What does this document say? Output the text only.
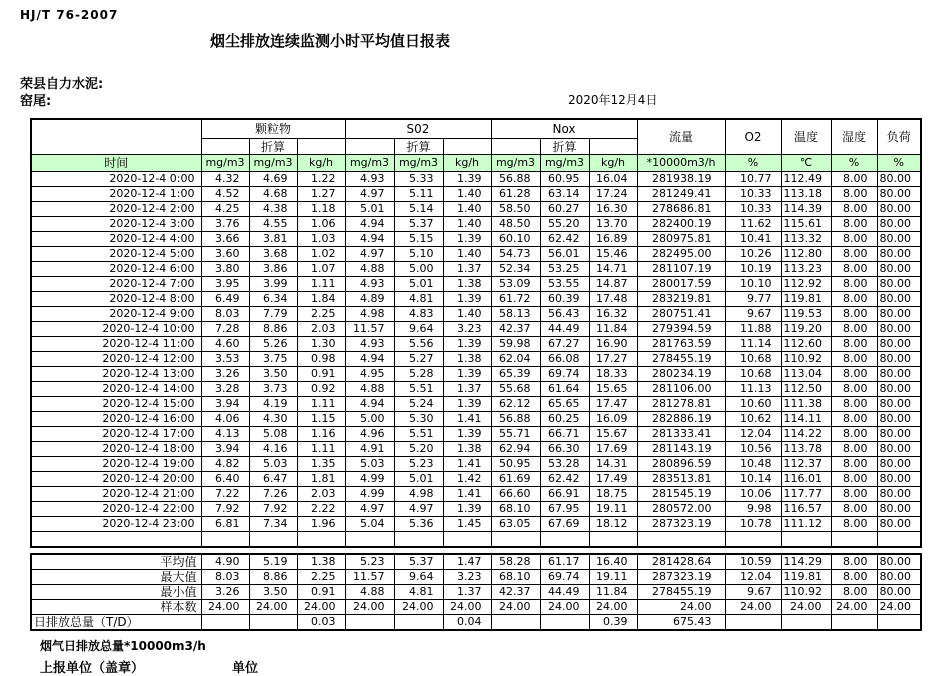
HJ/T 76-2007
烟尘排放连续监测小时平均值日报表
荣县自力水泥:
窑尾:	2020年12月4日
	颗粒物			S02			Nox			流量	O2	温度	湿度	负荷
		折算			折算			折算						
时间	mg/m3	mg/m3	kg/h	mg/m3	mg/m3	kg/h	mg/m3	mg/m3	kg/h	*10000m3/h	%	℃	%	%
2020-12-4 0:00	4.32	4.69	1.22	4.93	5.33	1.39	56.88	60.95	16.04	281938.19	10.77	112.49	8.00	80.00
2020-12-4 1:00	4.52	4.68	1.27	4.97	5.11	1.40	61.28	63.14	17.24	281249.41	10.33	113.18	8.00	80.00
2020-12-4 2:00	4.25	4.38	1.18	5.01	5.14	1.40	58.50	60.27	16.30	278686.81	10.33	114.39	8.00	80.00
2020-12-4 3:00	3.76	4.55	1.06	4.94	5.37	1.40	48.50	55.20	13.70	282400.19	11.62	115.61	8.00	80.00
2020-12-4 4:00	3.66	3.81	1.03	4.94	5.15	1.39	60.10	62.42	16.89	280975.81	10.41	113.32	8.00	80.00
2020-12-4 5:00	3.60	3.68	1.02	4.97	5.10	1.40	54.73	56.01	15.46	282495.00	10.26	112.80	8.00	80.00
2020-12-4 6:00	3.80	3.86	1.07	4.88	5.00	1.37	52.34	53.25	14.71	281107.19	10.19	113.23	8.00	80.00
2020-12-4 7:00	3.95	3.99	1.11	4.93	5.01	1.38	53.09	53.55	14.87	280017.59	10.10	112.92	8.00	80.00
2020-12-4 8:00	6.49	6.34	1.84	4.89	4.81	1.39	61.72	60.39	17.48	283219.81	9.77	119.81	8.00	80.00
2020-12-4 9:00	8.03	7.79	2.25	4.98	4.83	1.40	58.13	56.43	16.32	280751.41	9.67	119.53	8.00	80.00
2020-12-4 10:00	7.28	8.86	2.03	11.57	9.64	3.23	42.37	44.49	11.84	279394.59	11.88	119.20	8.00	80.00
2020-12-4 11:00	4.60	5.26	1.30	4.93	5.56	1.39	59.98	67.27	16.90	281763.59	11.14	112.60	8.00	80.00
2020-12-4 12:00	3.53	3.75	0.98	4.94	5.27	1.38	62.04	66.08	17.27	278455.19	10.68	110.92	8.00	80.00
2020-12-4 13:00	3.26	3.50	0.91	4.95	5.28	1.39	65.39	69.74	18.33	280234.19	10.68	113.04	8.00	80.00
2020-12-4 14:00	3.28	3.73	0.92	4.88	5.51	1.37	55.68	61.64	15.65	281106.00	11.13	112.50	8.00	80.00
2020-12-4 15:00	3.94	4.19	1.11	4.94	5.24	1.39	62.12	65.65	17.47	281278.81	10.60	111.38	8.00	80.00
2020-12-4 16:00	4.06	4.30	1.15	5.00	5.30	1.41	56.88	60.25	16.09	282886.19	10.62	114.11	8.00	80.00
2020-12-4 17:00	4.13	5.08	1.16	4.96	5.51	1.39	55.71	66.71	15.67	281333.41	12.04	114.22	8.00	80.00
2020-12-4 18:00	3.94	4.16	1.11	4.91	5.20	1.38	62.94	66.30	17.69	281143.19	10.56	113.78	8.00	80.00
2020-12-4 19:00	4.82	5.03	1.35	5.03	5.23	1.41	50.95	53.28	14.31	280896.59	10.48	112.37	8.00	80.00
2020-12-4 20:00	6.40	6.47	1.81	4.99	5.01	1.42	61.69	62.42	17.49	283513.81	10.14	116.01	8.00	80.00
2020-12-4 21:00	7.22	7.26	2.03	4.99	4.98	1.41	66.60	66.91	18.75	281545.19	10.06	117.77	8.00	80.00
2020-12-4 22:00	7.92	7.92	2.22	4.97	4.97	1.39	68.10	67.95	19.11	280572.00	9.98	116.57	8.00	80.00
2020-12-4 23:00	6.81	7.34	1.96	5.04	5.36	1.45	63.05	67.69	18.12	287323.19	10.78	111.12	8.00	80.00

平均值	4.90	5.19	1.38	5.23	5.37	1.47	58.28	61.17	16.40	281428.64	10.59	114.29	8.00	80.00
最大值	8.03	8.86	2.25	11.57	9.64	3.23	68.10	69.74	19.11	287323.19	12.04	119.81	8.00	80.00
最小值	3.26	3.50	0.91	4.88	4.81	1.37	42.37	44.49	11.84	278455.19	9.67	110.92	8.00	80.00
样本数	24.00	24.00	24.00	24.00	24.00	24.00	24.00	24.00	24.00	24.00	24.00	24.00	24.00	24.00
日排放总量（T/D）			0.03			0.04			0.39	675.43				
烟气日排放总量*10000m3/h
上报单位（盖章）	单位
